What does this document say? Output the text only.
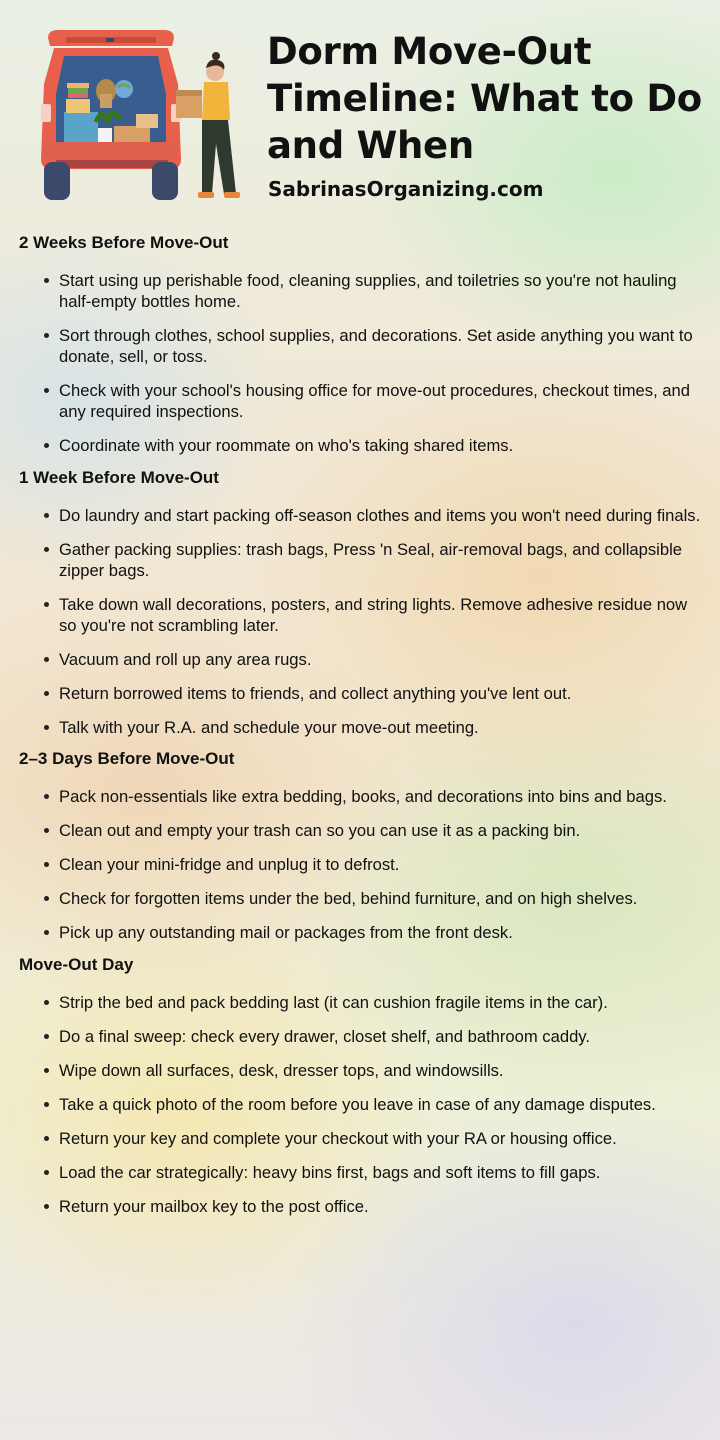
Dorm Move-Out Timeline: What to Do and When
SabrinasOrganizing.com
2 Weeks Before Move-Out
Start using up perishable food, cleaning supplies, and toiletries so you're not hauling half-empty bottles home.
Sort through clothes, school supplies, and decorations. Set aside anything you want to donate, sell, or toss.
Check with your school's housing office for move-out procedures, checkout times, and any required inspections.
Coordinate with your roommate on who's taking shared items.
1 Week Before Move-Out
Do laundry and start packing off-season clothes and items you won't need during finals.
Gather packing supplies: trash bags, Press 'n Seal, air-removal bags, and collapsible zipper bags.
Take down wall decorations, posters, and string lights. Remove adhesive residue now so you're not scrambling later.
Vacuum and roll up any area rugs.
Return borrowed items to friends, and collect anything you've lent out.
Talk with your R.A. and schedule your move-out meeting.
2–3 Days Before Move-Out
Pack non-essentials like extra bedding, books, and decorations into bins and bags.
Clean out and empty your trash can so you can use it as a packing bin.
Clean your mini-fridge and unplug it to defrost.
Check for forgotten items under the bed, behind furniture, and on high shelves.
Pick up any outstanding mail or packages from the front desk.
Move-Out Day
Strip the bed and pack bedding last (it can cushion fragile items in the car).
Do a final sweep: check every drawer, closet shelf, and bathroom caddy.
Wipe down all surfaces, desk, dresser tops, and windowsills.
Take a quick photo of the room before you leave in case of any damage disputes.
Return your key and complete your checkout with your RA or housing office.
Load the car strategically: heavy bins first, bags and soft items to fill gaps.
Return your mailbox key to the post office.
